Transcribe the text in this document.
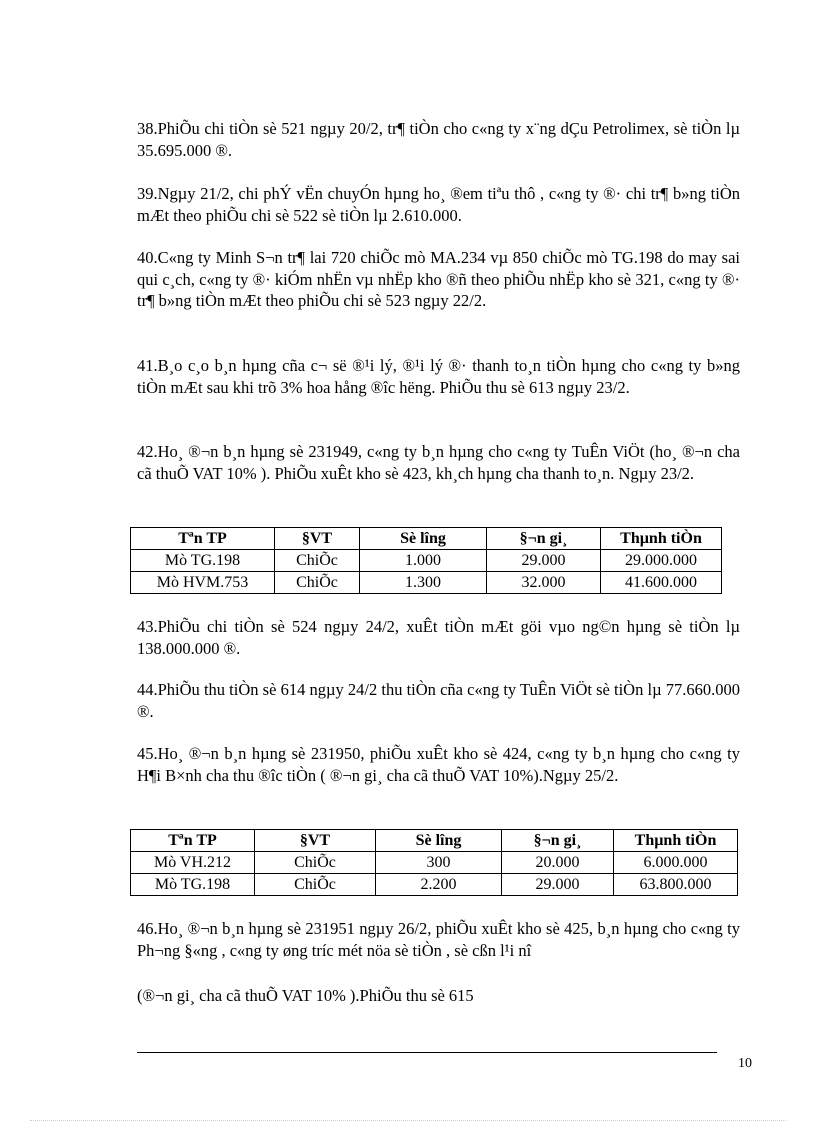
38.PhiÕu chi tiÒn sè 521 ngµy 20/2, tr¶ tiÒn cho c«ng ty x¨ng dÇu Petrolimex, sè tiÒn lµ 35.695.000 ®.

39.Ngµy 21/2, chi phÝ vËn chuyÓn hµng ho¸ ®em tiªu thô , c«ng ty ®· chi tr¶ b»ng tiÒn mÆt theo phiÕu chi sè 522 sè tiÒn lµ 2.610.000.

40.C«ng ty Minh S¬n tr¶ lai 720 chiÕc mò MA.234 vµ 850 chiÕc mò TG.198 do may sai qui c¸ch, c«ng ty ®· kiÓm nhËn vµ nhËp kho ®ñ theo phiÕu nhËp kho sè 321, c«ng ty ®· tr¶ b»ng tiÒn mÆt theo phiÕu chi sè 523 ngµy 22/2.

41.B¸o c¸o b¸n hµng cña c¬ së ®¹i lý, ®¹i lý ®· thanh to¸n tiÒn hµng cho c«ng ty b»ng tiÒn mÆt sau khi trõ 3% hoa hång ®îc hëng. PhiÕu thu sè 613 ngµy 23/2.

42.Ho¸ ®¬n b¸n hµng sè 231949, c«ng ty b¸n hµng cho c«ng ty TuÊn ViÖt (ho¸ ®¬n cha cã thuÕ VAT 10% ). PhiÕu xuÊt kho sè 423, kh¸ch hµng cha thanh to¸n. Ngµy 23/2.

Tªn TP	§VT	Sè lîng	§¬n gi¸	Thµnh tiÒn
Mò TG.198	ChiÕc	1.000	29.000	29.000.000
Mò HVM.753	ChiÕc	1.300	32.000	41.600.000

43.PhiÕu chi tiÒn sè 524 ngµy 24/2, xuÊt tiÒn mÆt göi vµo ng©n hµng sè tiÒn lµ 138.000.000 ®.

44.PhiÕu thu tiÒn sè 614 ngµy 24/2 thu tiÒn cña c«ng ty TuÊn ViÖt sè tiÒn lµ 77.660.000 ®.

45.Ho¸ ®¬n b¸n hµng sè 231950, phiÕu xuÊt kho sè 424, c«ng ty b¸n hµng cho c«ng ty H¶i B×nh cha thu ®îc tiÒn ( ®¬n gi¸ cha cã thuÕ VAT 10%).Ngµy 25/2.

Tªn TP	§VT	Sè lîng	§¬n gi¸	Thµnh tiÒn
Mò VH.212	ChiÕc	300	20.000	6.000.000
Mò TG.198	ChiÕc	2.200	29.000	63.800.000

46.Ho¸ ®¬n b¸n hµng sè 231951 ngµy 26/2, phiÕu xuÊt kho sè 425, b¸n hµng cho c«ng ty Ph¬ng §«ng , c«ng ty øng tríc mét nöa sè tiÒn , sè cßn l¹i nî

(®¬n gi¸ cha cã thuÕ VAT 10% ).PhiÕu thu sè 615

10
